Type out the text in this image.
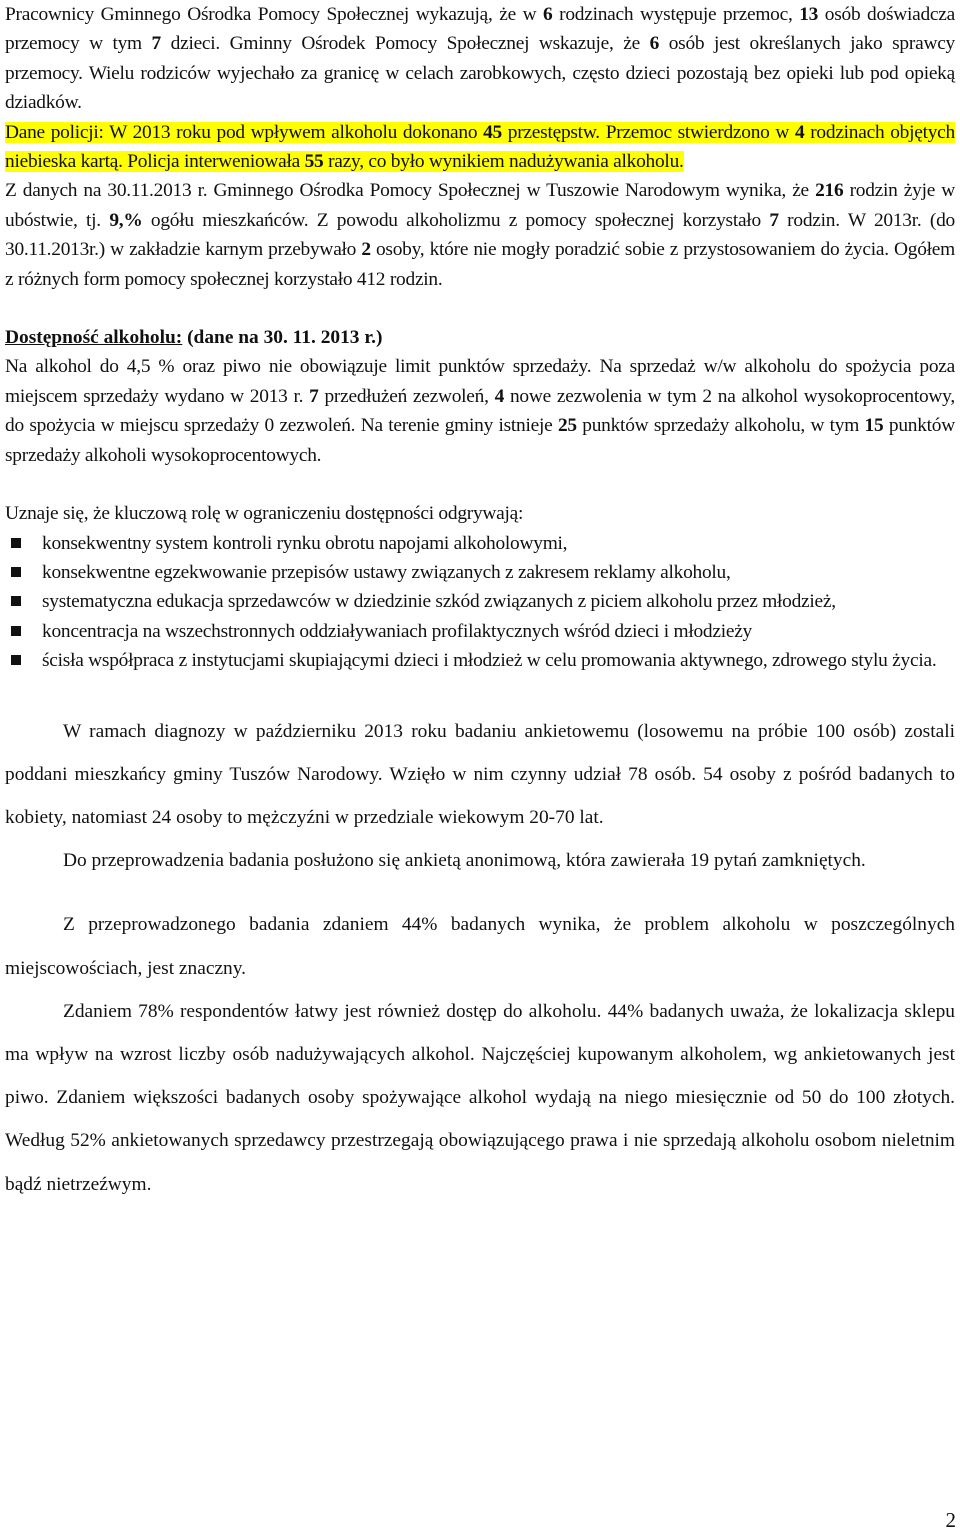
Pracownicy Gminnego Ośrodka Pomocy Społecznej wykazują, że w 6 rodzinach występuje przemoc, 13 osób doświadcza przemocy w tym 7 dzieci. Gminny Ośrodek Pomocy Społecznej wskazuje, że 6 osób jest określanych jako sprawcy przemocy. Wielu rodziców wyjechało za granicę w celach zarobkowych, często dzieci pozostają bez opieki lub pod opieką dziadków.

Dane policji: W 2013 roku pod wpływem alkoholu dokonano 45 przestępstw. Przemoc stwierdzono w 4 rodzinach objętych niebieska kartą. Policja interweniowała 55 razy, co było wynikiem nadużywania alkoholu.

Z danych na 30.11.2013 r. Gminnego Ośrodka Pomocy Społecznej w Tuszowie Narodowym wynika, że 216 rodzin żyje w ubóstwie, tj. 9,% ogółu mieszkańców. Z powodu alkoholizmu z pomocy społecznej korzystało 7 rodzin. W 2013r. (do 30.11.2013r.) w zakładzie karnym przebywało 2 osoby, które nie mogły poradzić sobie z przystosowaniem do życia. Ogółem z różnych form pomocy społecznej korzystało 412 rodzin.

Dostępność alkoholu: (dane na 30. 11. 2013 r.)

Na alkohol do 4,5 % oraz piwo nie obowiązuje limit punktów sprzedaży. Na sprzedaż w/w alkoholu do spożycia poza miejscem sprzedaży wydano w 2013 r. 7 przedłużeń zezwoleń, 4 nowe zezwolenia w tym 2 na alkohol wysokoprocentowy, do spożycia w miejscu sprzedaży 0 zezwoleń. Na terenie gminy istnieje 25 punktów sprzedaży alkoholu, w tym 15 punktów sprzedaży alkoholi wysokoprocentowych.

Uznaje się, że kluczową rolę w ograniczeniu dostępności odgrywają:

konsekwentny system kontroli rynku obrotu napojami alkoholowymi,
konsekwentne egzekwowanie przepisów ustawy związanych z zakresem reklamy alkoholu,
systematyczna edukacja sprzedawców w dziedzinie szkód związanych z piciem alkoholu przez młodzież,
koncentracja na wszechstronnych oddziaływaniach profilaktycznych wśród dzieci i młodzieży
ścisła współpraca z instytucjami skupiającymi dzieci i młodzież w celu promowania aktywnego, zdrowego stylu życia.

W ramach diagnozy w październiku 2013 roku badaniu ankietowemu (losowemu na próbie 100 osób) zostali poddani mieszkańcy gminy Tuszów Narodowy. Wzięło w nim czynny udział 78 osób. 54 osoby z pośród badanych to kobiety, natomiast 24 osoby to mężczyźni w przedziale wiekowym 20-70 lat.

Do przeprowadzenia badania posłużono się ankietą anonimową, która zawierała 19 pytań zamkniętych.

Z przeprowadzonego badania zdaniem 44% badanych wynika, że problem alkoholu w poszczególnych miejscowościach, jest znaczny.

Zdaniem 78% respondentów łatwy jest również dostęp do alkoholu. 44% badanych uważa, że lokalizacja sklepu ma wpływ na wzrost liczby osób nadużywających alkohol. Najczęściej kupowanym alkoholem, wg ankietowanych jest piwo. Zdaniem większości badanych osoby spożywające alkohol wydają na niego miesięcznie od 50 do 100 złotych. Według 52% ankietowanych sprzedawcy przestrzegają obowiązującego prawa i nie sprzedają alkoholu osobom nieletnim bądź nietrzeźwym.

2
